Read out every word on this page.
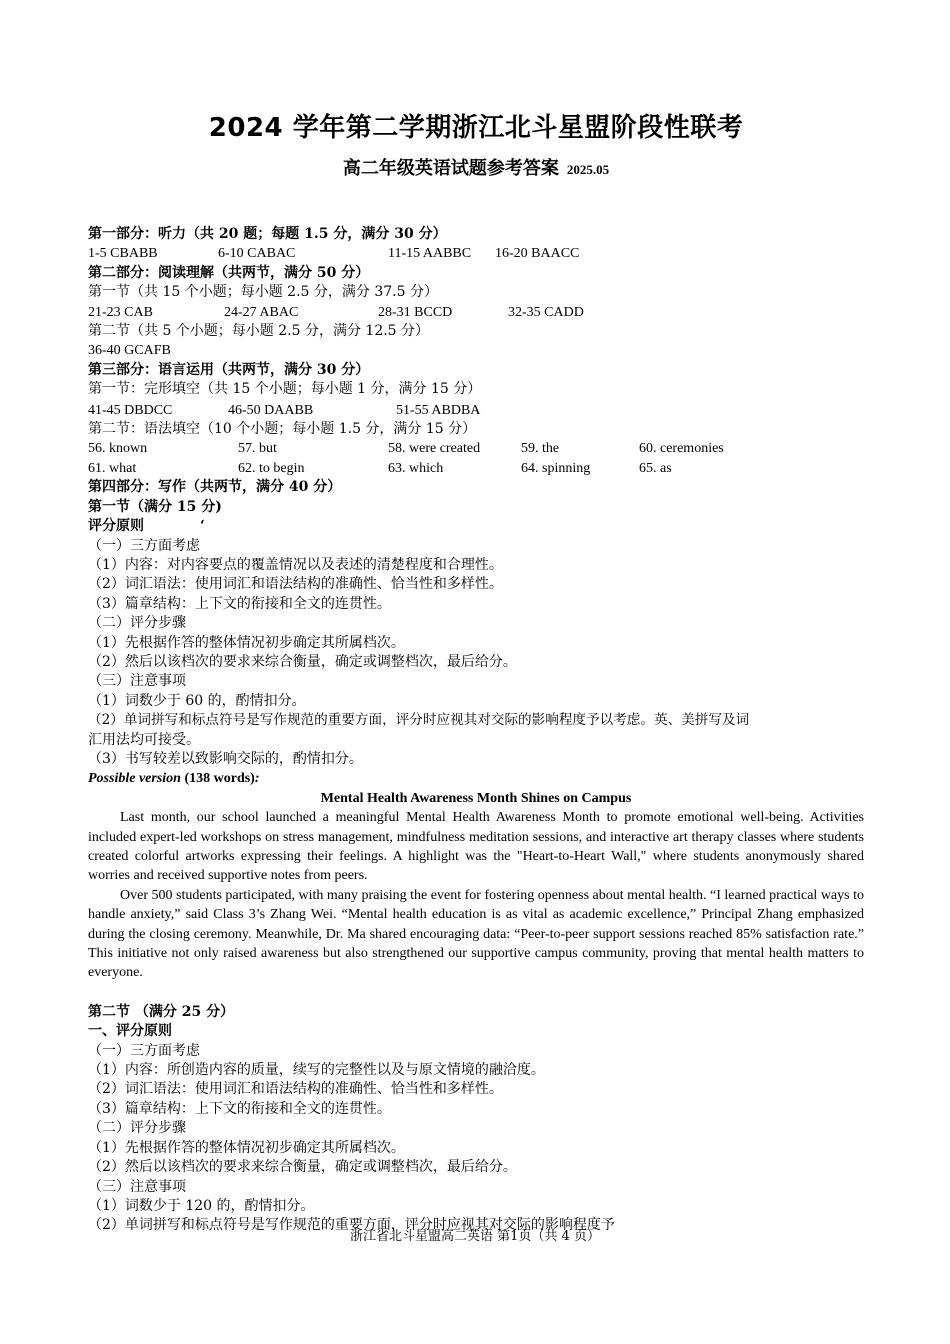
2024 学年第二学期浙江北斗星盟阶段性联考
高二年级英语试题参考答案 2025.05
第一部分：听力（共 20 题；每题 1.5 分，满分 30 分）
1-5 CBABB	6-10 CABAC	11-15 AABBC	16-20 BAACC
第二部分：阅读理解（共两节，满分 50 分）
第一节（共 15 个小题；每小题 2.5 分，满分 37.5 分）
21-23 CAB	24-27 ABAC	28-31 BCCD	32-35 CADD
第二节（共 5 个小题；每小题 2.5 分，满分 12.5 分）
36-40 GCAFB
第三部分：语言运用（共两节，满分 30 分）
第一节：完形填空（共 15 个小题；每小题 1 分，满分 15 分）
41-45 DBDCC	46-50 DAABB	51-55 ABDBA
第二节：语法填空（10 个小题；每小题 1.5 分，满分 15 分）
56. known	57. but	58. were created	59. the	60. ceremonies
61. what	62. to begin	63. which	64. spinning	65. as
第四部分：写作（共两节，满分 40 分）
第一节（满分 15 分)
评分原则	‘
（一）三方面考虑
（1）内容：对内容要点的覆盖情况以及表述的清楚程度和合理性。
（2）词汇语法：使用词汇和语法结构的准确性、恰当性和多样性。
（3）篇章结构：上下文的衔接和全文的连贯性。
（二）评分步骤
（1）先根据作答的整体情况初步确定其所属档次。
（2）然后以该档次的要求来综合衡量，确定或调整档次，最后给分。
（三）注意事项
（1）词数少于 60 的，酌情扣分。
（2）单词拼写和标点符号是写作规范的重要方面，评分时应视其对交际的影响程度予以考虑。英、美拼写及词
汇用法均可接受。
（3）书写较差以致影响交际的，酌情扣分。
Possible version (138 words):
Mental Health Awareness Month Shines on Campus

Last month, our school launched a meaningful Mental Health Awareness Month to promote emotional well-being. Activities included expert-led workshops on stress management, mindfulness meditation sessions, and interactive art therapy classes where students created colorful artworks expressing their feelings. A highlight was the "Heart-to-Heart Wall," where students anonymously shared worries and received supportive notes from peers.

Over 500 students participated, with many praising the event for fostering openness about mental health. “I learned practical ways to handle anxiety,” said Class 3’s Zhang Wei. “Mental health education is as vital as academic excellence,” Principal Zhang emphasized during the closing ceremony. Meanwhile, Dr. Ma shared encouraging data: “Peer-to-peer support sessions reached 85% satisfaction rate.” This initiative not only raised awareness but also strengthened our supportive campus community, proving that mental health matters to everyone.

第二节 （满分 25 分）
一、评分原则
（一）三方面考虑
（1）内容：所创造内容的质量，续写的完整性以及与原文情境的融洽度。
（2）词汇语法：使用词汇和语法结构的准确性、恰当性和多样性。
（3）篇章结构：上下文的衔接和全文的连贯性。
（二）评分步骤
（1）先根据作答的整体情况初步确定其所属档次。
（2）然后以该档次的要求来综合衡量，确定或调整档次，最后给分。
（三）注意事项
（1）词数少于 120 的，酌情扣分。
（2）单词拼写和标点符号是写作规范的重要方面，评分时应视其对交际的影响程度予
浙江省北斗星盟高二英语 第1页（共 4 页）
